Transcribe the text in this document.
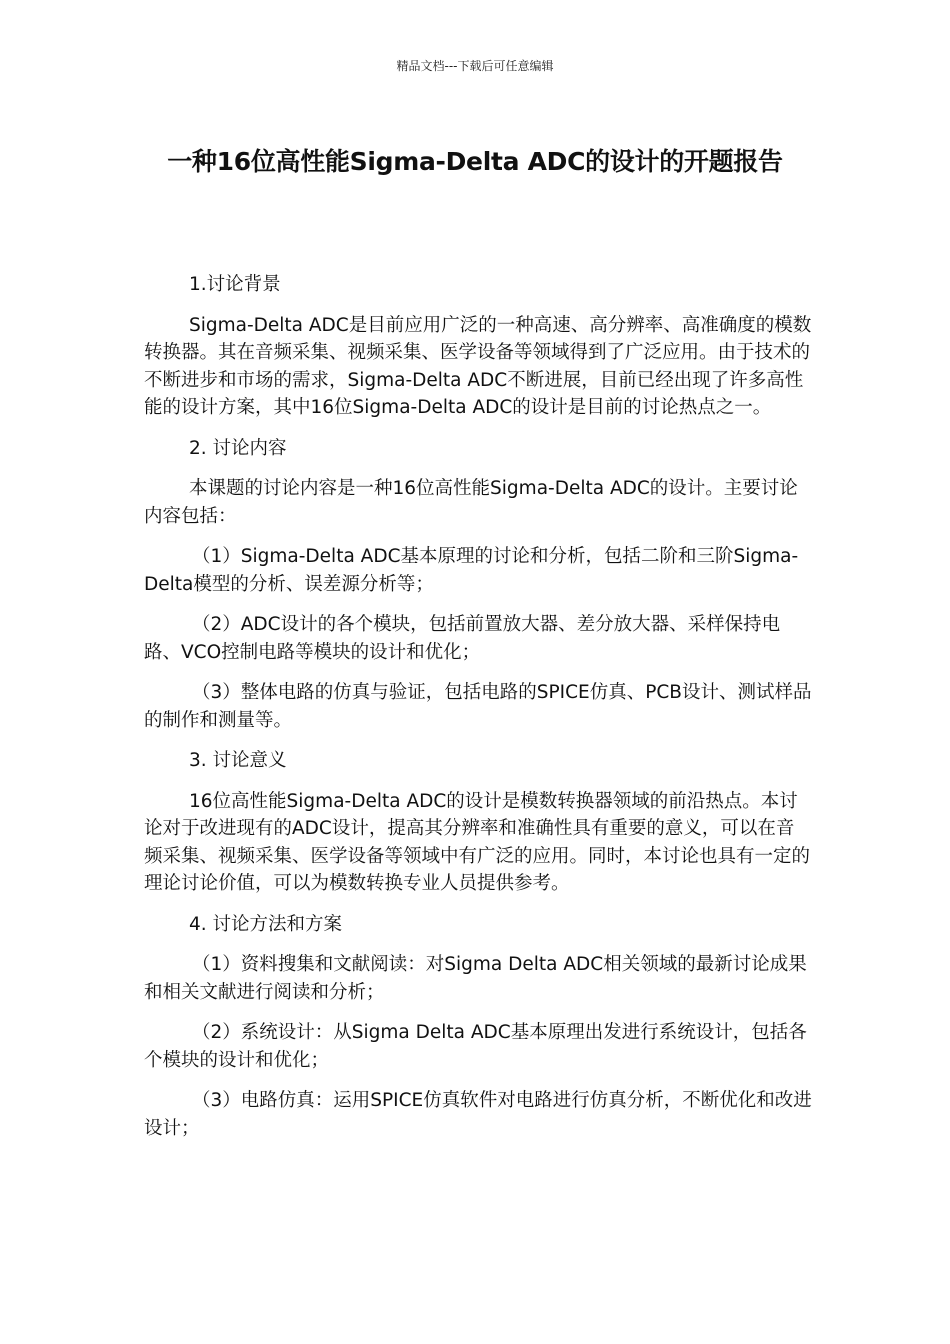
精品文档---下载后可任意编辑
一种16位高性能Sigma-Delta ADC的设计的开题报告

1.讨论背景

Sigma-Delta ADC是目前应用广泛的一种高速、高分辨率、高准确度的模数转换器。其在音频采集、视频采集、医学设备等领域得到了广泛应用。由于技术的不断进步和市场的需求，Sigma-Delta ADC不断进展，目前已经出现了许多高性能的设计方案，其中16位Sigma-Delta ADC的设计是目前的讨论热点之一。

2. 讨论内容

本课题的讨论内容是一种16位高性能Sigma-Delta ADC的设计。主要讨论内容包括：

（1）Sigma-Delta ADC基本原理的讨论和分析，包括二阶和三阶Sigma-Delta模型的分析、误差源分析等；

（2）ADC设计的各个模块，包括前置放大器、差分放大器、采样保持电路、VCO控制电路等模块的设计和优化；

（3）整体电路的仿真与验证，包括电路的SPICE仿真、PCB设计、测试样品的制作和测量等。

3. 讨论意义

16位高性能Sigma-Delta ADC的设计是模数转换器领域的前沿热点。本讨论对于改进现有的ADC设计，提高其分辨率和准确性具有重要的意义，可以在音频采集、视频采集、医学设备等领域中有广泛的应用。同时，本讨论也具有一定的理论讨论价值，可以为模数转换专业人员提供参考。

4. 讨论方法和方案

（1）资料搜集和文献阅读：对Sigma Delta ADC相关领域的最新讨论成果和相关文献进行阅读和分析；

（2）系统设计：从Sigma Delta ADC基本原理出发进行系统设计，包括各个模块的设计和优化；

（3）电路仿真：运用SPICE仿真软件对电路进行仿真分析，不断优化和改进设计；
